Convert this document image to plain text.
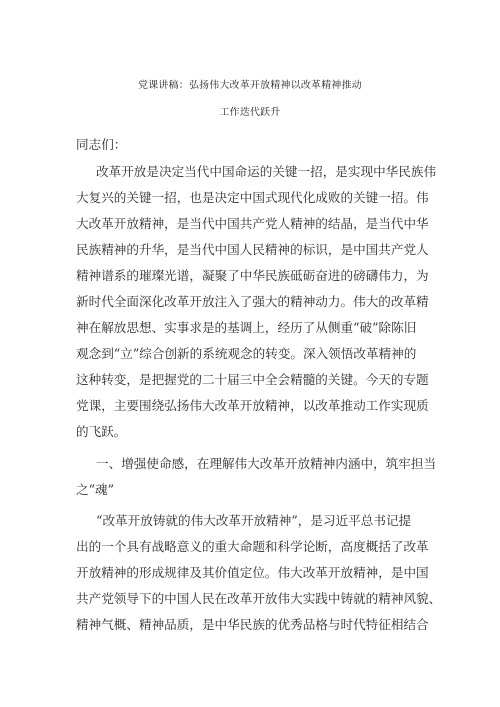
党课讲稿：弘扬伟大改革开放精神以改革精神推动
工作迭代跃升
同志们：
改革开放是决定当代中国命运的关键一招，是实现中华民族伟
大复兴的关键一招，也是决定中国式现代化成败的关键一招。伟
大改革开放精神，是当代中国共产党人精神的结晶，是当代中华
民族精神的升华，是当代中国人民精神的标识，是中国共产党人
精神谱系的璀璨光谱，凝聚了中华民族砥砺奋进的磅礴伟力，为
新时代全面深化改革开放注入了强大的精神动力。伟大的改革精
神在解放思想、实事求是的基调上，经历了从侧重“破”除陈旧
观念到“立”综合创新的系统观念的转变。深入领悟改革精神的
这种转变，是把握党的二十届三中全会精髓的关键。今天的专题
党课，主要围绕弘扬伟大改革开放精神，以改革推动工作实现质
的飞跃。
一、增强使命感，在理解伟大改革开放精神内涵中，筑牢担当
之“魂”
“改革开放铸就的伟大改革开放精神”，是习近平总书记提
出的一个具有战略意义的重大命题和科学论断，高度概括了改革
开放精神的形成规律及其价值定位。伟大改革开放精神，是中国
共产党领导下的中国人民在改革开放伟大实践中铸就的精神风貌、
精神气概、精神品质，是中华民族的优秀品格与时代特征相结合
